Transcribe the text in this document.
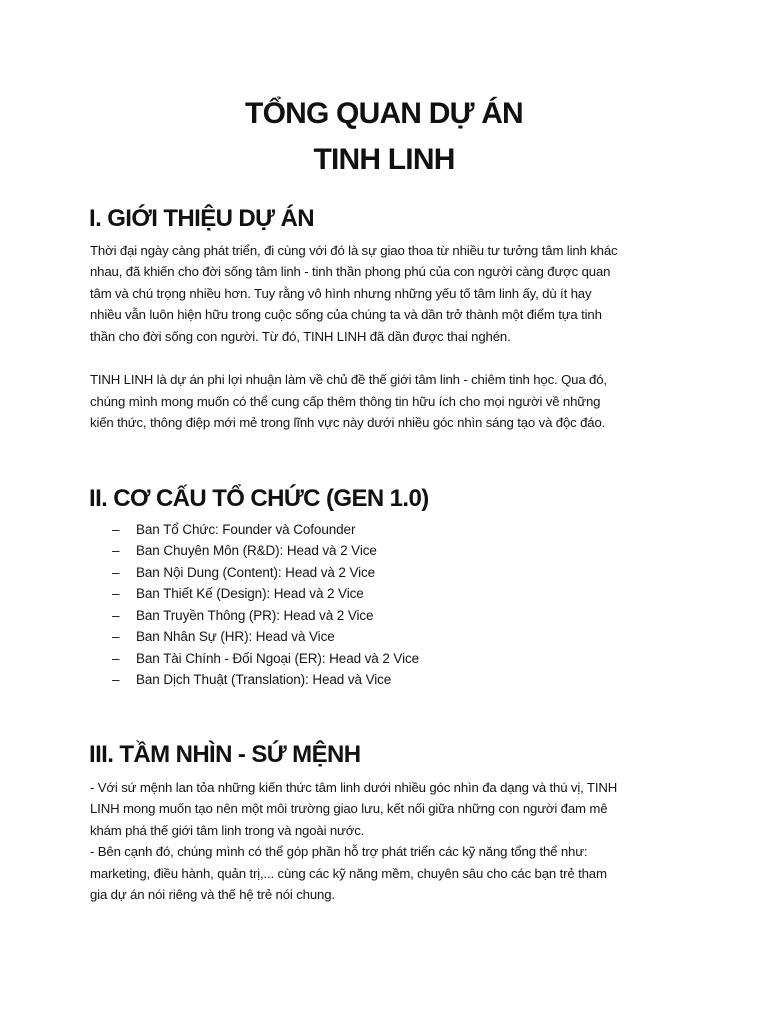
TỔNG QUAN DỰ ÁN
TINH LINH
I. GIỚI THIỆU DỰ ÁN
Thời đại ngày càng phát triển, đi cùng với đó là sự giao thoa từ nhiều tư tưởng tâm linh khác
nhau, đã khiến cho đời sống tâm linh - tinh thần phong phú của con người càng được quan
tâm và chú trọng nhiều hơn. Tuy rằng vô hình nhưng những yếu tố tâm linh ấy, dù ít hay
nhiều vẫn luôn hiện hữu trong cuộc sống của chúng ta và dần trở thành một điểm tựa tinh
thần cho đời sống con người. Từ đó, TINH LINH đã dần được thai nghén.
TINH LINH là dự án phi lợi nhuận làm về chủ đề thế giới tâm linh - chiêm tinh học. Qua đó,
chúng mình mong muốn có thể cung cấp thêm thông tin hữu ích cho mọi người về những
kiến thức, thông điệp mới mẻ trong lĩnh vực này dưới nhiều góc nhìn sáng tạo và độc đáo.
II. CƠ CẤU TỔ CHỨC (GEN 1.0)
– Ban Tổ Chức: Founder và Cofounder
– Ban Chuyên Môn (R&D): Head và 2 Vice
– Ban Nội Dung (Content): Head và 2 Vice
– Ban Thiết Kế (Design): Head và 2 Vice
– Ban Truyền Thông (PR): Head và 2 Vice
– Ban Nhân Sự (HR): Head và Vice
– Ban Tài Chính - Đối Ngoại (ER): Head và 2 Vice
– Ban Dịch Thuật (Translation): Head và Vice
III. TẦM NHÌN - SỨ MỆNH
- Với sứ mệnh lan tỏa những kiến thức tâm linh dưới nhiều góc nhìn đa dạng và thú vị, TINH
LINH mong muốn tạo nên một môi trường giao lưu, kết nối giữa những con người đam mê
khám phá thế giới tâm linh trong và ngoài nước.
- Bên cạnh đó, chúng mình có thể góp phần hỗ trợ phát triển các kỹ năng tổng thể như:
marketing, điều hành, quản trị,... cùng các kỹ năng mềm, chuyên sâu cho các bạn trẻ tham
gia dự án nói riêng và thế hệ trẻ nói chung.
